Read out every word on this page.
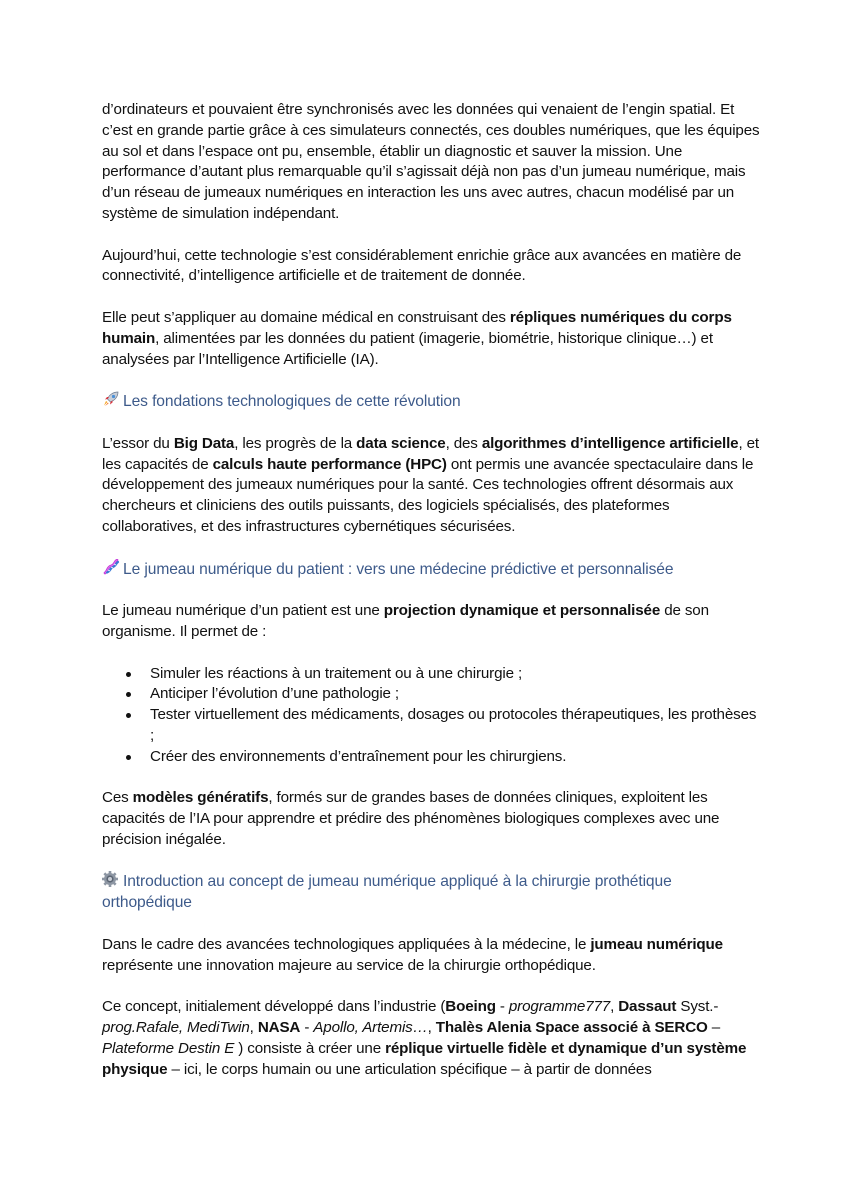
d’ordinateurs et pouvaient être synchronisés avec les données qui venaient de l’engin spatial. Et c’est en grande partie grâce à ces simulateurs connectés, ces doubles numériques, que les équipes au sol et dans l’espace ont pu, ensemble, établir un diagnostic et sauver la mission. Une performance d’autant plus remarquable qu’il s’agissait déjà non pas d’un jumeau numérique, mais d’un réseau de jumeaux numériques en interaction les uns avec autres, chacun modélisé par un système de simulation indépendant.

Aujourd’hui, cette technologie s’est considérablement enrichie grâce aux avancées en matière de connectivité, d’intelligence artificielle et de traitement de donnée.

Elle peut s’appliquer au domaine médical en construisant des répliques numériques du corps humain, alimentées par les données du patient (imagerie, biométrie, historique clinique…) et analysées par l’Intelligence Artificielle (IA).

Les fondations technologiques de cette révolution

L’essor du Big Data, les progrès de la data science, des algorithmes d’intelligence artificielle, et les capacités de calculs haute performance (HPC) ont permis une avancée spectaculaire dans le développement des jumeaux numériques pour la santé. Ces technologies offrent désormais aux chercheurs et cliniciens des outils puissants, des logiciels spécialisés, des plateformes collaboratives, et des infrastructures cybernétiques sécurisées.

Le jumeau numérique du patient : vers une médecine prédictive et personnalisée

Le jumeau numérique d’un patient est une projection dynamique et personnalisée de son organisme. Il permet de :

Simuler les réactions à un traitement ou à une chirurgie ;
Anticiper l’évolution d’une pathologie ;
Tester virtuellement des médicaments, dosages ou protocoles thérapeutiques, les prothèses ;
Créer des environnements d’entraînement pour les chirurgiens.

Ces modèles génératifs, formés sur de grandes bases de données cliniques, exploitent les capacités de l’IA pour apprendre et prédire des phénomènes biologiques complexes avec une précision inégalée.

Introduction au concept de jumeau numérique appliqué à la chirurgie prothétique orthopédique

Dans le cadre des avancées technologiques appliquées à la médecine, le jumeau numérique représente une innovation majeure au service de la chirurgie orthopédique.

Ce concept, initialement développé dans l’industrie (Boeing - programme777, Dassaut Syst.- prog.Rafale, MediTwin, NASA - Apollo, Artemis…, Thalès Alenia Space associé à SERCO – Plateforme Destin E ) consiste à créer une réplique virtuelle fidèle et dynamique d’un système physique – ici, le corps humain ou une articulation spécifique – à partir de données
